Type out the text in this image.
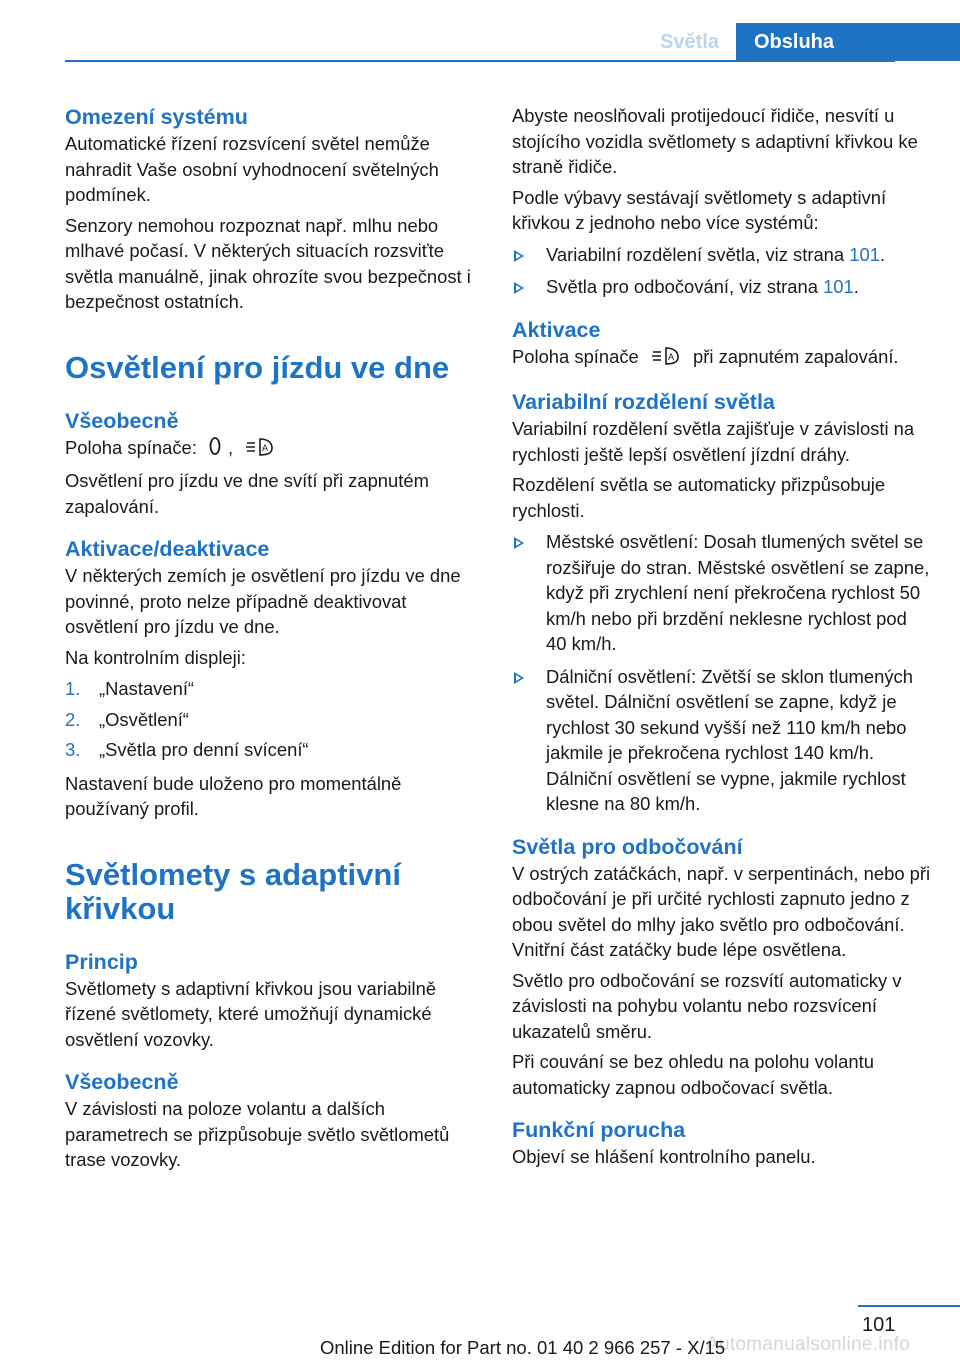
Světla	Obsluha
Omezení systému

Automatické řízení rozsvícení světel nemůže nahradit Vaše osobní vyhodnocení světelných podmínek.

Senzory nemohou rozpoznat např. mlhu nebo mlhavé počasí. V některých situacích rozsviťte světla manuálně, jinak ohrozíte svou bezpečnost i bezpečnost ostatních.

Osvětlení pro jízdu ve dne
Všeobecně

Poloha spínače: ,	A

Osvětlení pro jízdu ve dne svítí při zapnutém zapalování.

Aktivace/deaktivace

V některých zemích je osvětlení pro jízdu ve dne povinné, proto nelze případně deaktivovat osvětlení pro jízdu ve dne.

Na kontrolním displeji:

1.	„Nastavení“
2.	„Osvětlení“
3.	„Světla pro denní svícení“

Nastavení bude uloženo pro momentálně používaný profil.

Světlomety s adaptivní křivkou
Princip

Světlomety s adaptivní křivkou jsou variabilně řízené světlomety, které umožňují dynamické osvětlení vozovky.

Všeobecně

V závislosti na poloze volantu a dalších parametrech se přizpůsobuje světlo světlometů trase vozovky.

Abyste neoslňovali protijedoucí řidiče, nesvítí u stojícího vozidla světlomety s adaptivní křivkou ke straně řidiče.

Podle výbavy sestávají světlomety s adaptivní křivkou z jednoho nebo více systémů:

Variabilní rozdělení světla, viz strana 101.
Světla pro odbočování, viz strana 101.
Aktivace

Poloha spínače	A při zapnutém zapalování.

Variabilní rozdělení světla

Variabilní rozdělení světla zajišťuje v závislosti na rychlosti ještě lepší osvětlení jízdní dráhy.

Rozdělení světla se automaticky přizpůsobuje rychlosti.

Městské osvětlení: Dosah tlumených světel se rozšiřuje do stran. Městské osvětlení se zapne, když při zrychlení není překročena rychlost 50 km/h nebo při brzdění neklesne rychlost pod 40 km/h.
Dálniční osvětlení: Zvětší se sklon tlumených světel. Dálniční osvětlení se zapne, když je rychlost 30 sekund vyšší než 110 km/h nebo jakmile je překročena rychlost 140 km/h. Dálniční osvětlení se vypne, jakmile rychlost klesne na 80 km/h.
Světla pro odbočování

V ostrých zatáčkách, např. v serpentinách, nebo při odbočování je při určité rychlosti zapnuto jedno z obou světel do mlhy jako světlo pro odbočování. Vnitřní část zatáčky bude lépe osvětlena.

Světlo pro odbočování se rozsvítí automaticky v závislosti na pohybu volantu nebo rozsvícení ukazatelů směru.

Při couvání se bez ohledu na polohu volantu automaticky zapnou odbočovací světla.

Funkční porucha

Objeví se hlášení kontrolního panelu.

101
Automanualsonline.info
Online Edition for Part no. 01 40 2 966 257 - X/15
